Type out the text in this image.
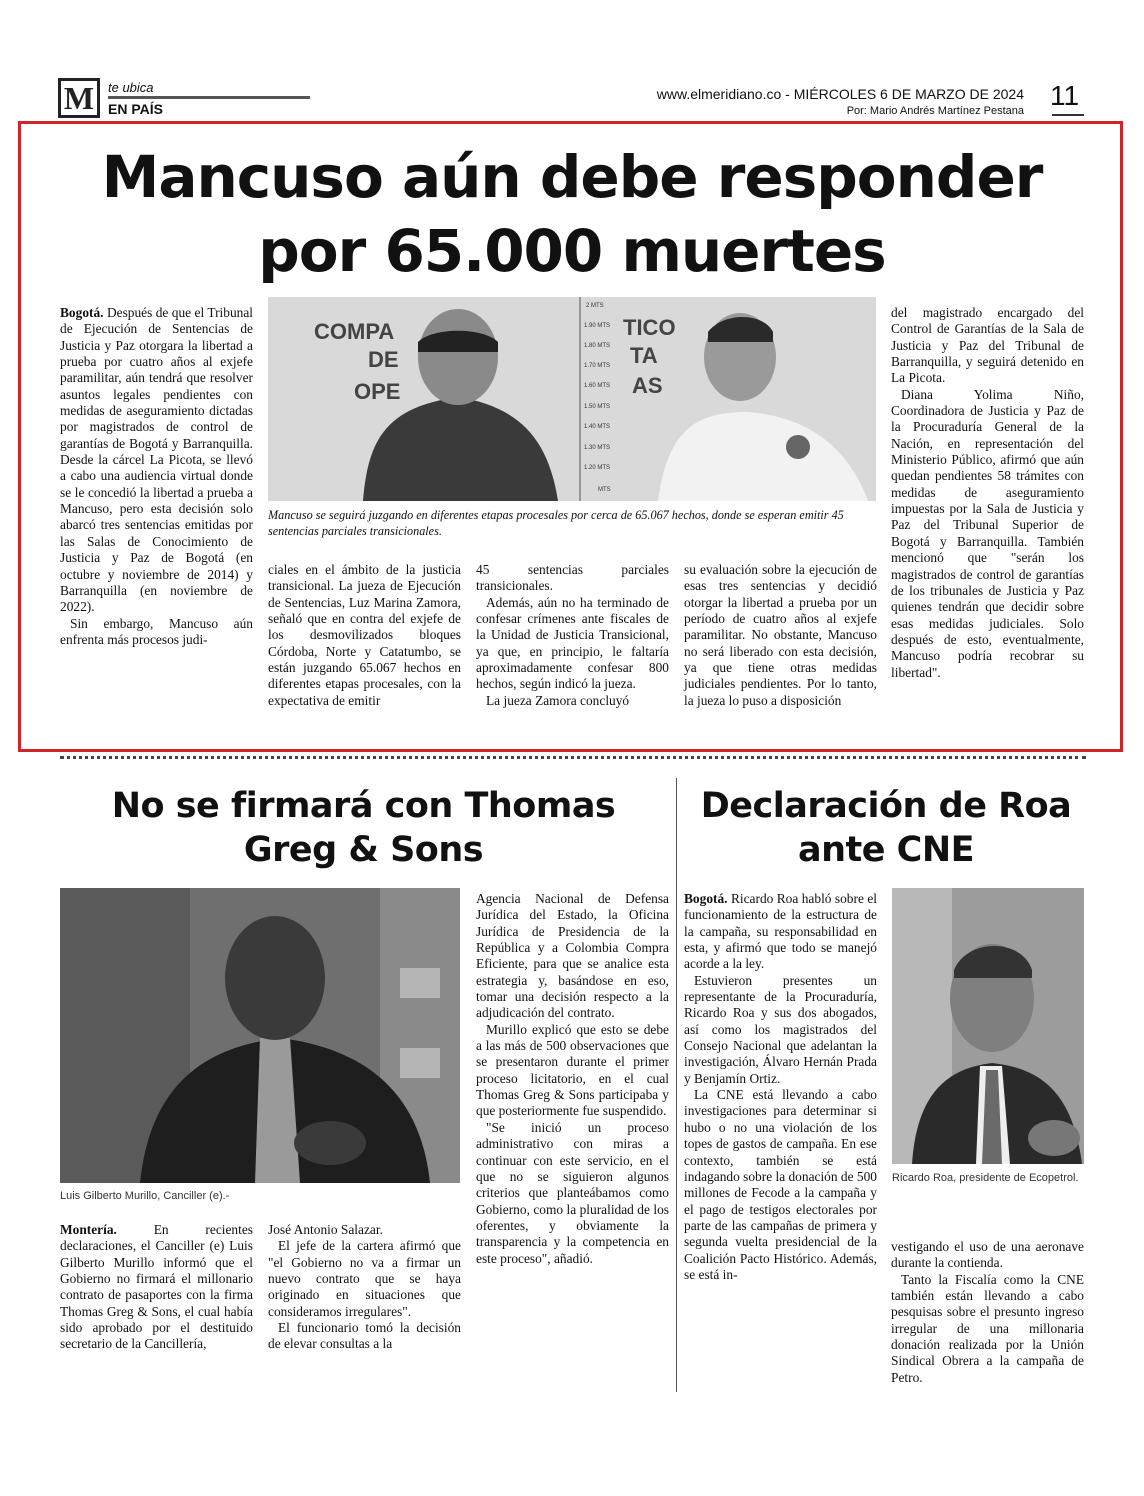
M	te ubica
EN PAÍS
www.elmeridiano.co - MIÉRCOLES 6 DE MARZO DE 2024
Por: Mario Andrés Martínez Pestana 11
Mancuso aún debe responder por 65.000 muertes

Bogotá. Después de que el Tribunal de Ejecución de Sentencias de Justicia y Paz otorgara la libertad a prueba por cuatro años al exjefe paramilitar, aún tendrá que resolver asuntos legales pendientes con medidas de aseguramiento dictadas por magistrados de control de garantías de Bogotá y Barranquilla. Desde la cárcel La Picota, se llevó a cabo una audiencia virtual donde se le concedió la libertad a prueba a Mancuso, pero esta decisión solo abarcó tres sentencias emitidas por las Salas de Conocimiento de Justicia y Paz de Bogotá (en octubre y noviembre de 2014) y Barranquilla (en noviembre de 2022).

Sin embargo, Mancuso aún enfrenta más procesos judi-

COMPA
DE
OPE
TICO
TA
AS
2 MTS
1.90 MTS
1.80 MTS
1.70 MTS
1.60 MTS
1.50 MTS
1.40 MTS
1.30 MTS
1.20 MTS
MTS
Mancuso se seguirá juzgando en diferentes etapas procesales por cerca de 65.067 hechos, donde se esperan emitir 45 sentencias parciales transicionales.

ciales en el ámbito de la justicia transicional. La jueza de Ejecución de Sentencias, Luz Marina Zamora, señaló que en contra del exjefe de los desmovilizados bloques Córdoba, Norte y Catatumbo, se están juzgando 65.067 hechos en diferentes etapas procesales, con la expectativa de emitir

45 sentencias parciales transicionales.

Además, aún no ha terminado de confesar crímenes ante fiscales de la Unidad de Justicia Transicional, ya que, en principio, le faltaría aproximadamente confesar 800 hechos, según indicó la jueza.

La jueza Zamora concluyó

su evaluación sobre la ejecución de esas tres sentencias y decidió otorgar la libertad a prueba por un período de cuatro años al exjefe paramilitar. No obstante, Mancuso no será liberado con esta decisión, ya que tiene otras medidas judiciales pendientes. Por lo tanto, la jueza lo puso a disposición

del magistrado encargado del Control de Garantías de la Sala de Justicia y Paz del Tribunal de Barranquilla, y seguirá detenido en La Picota.

Diana Yolima Niño, Coordinadora de Justicia y Paz de la Procuraduría General de la Nación, en representación del Ministerio Público, afirmó que aún quedan pendientes 58 trámites con medidas de aseguramiento impuestas por la Sala de Justicia y Paz del Tribunal Superior de Bogotá y Barranquilla. También mencionó que "serán los magistrados de control de garantías de los tribunales de Justicia y Paz quienes tendrán que decidir sobre esas medidas judiciales. Solo después de esto, eventualmente, Mancuso podría recobrar su libertad".

No se firmará con Thomas Greg & Sons
Luis Gilberto Murillo, Canciller (e).-

Montería.	En recientes declaraciones, el Canciller (e) Luis Gilberto Murillo informó que el Gobierno no firmará el millonario contrato de pasaportes con la firma Thomas Greg & Sons, el cual había sido aprobado por el destituido secretario de la Cancillería,

José Antonio Salazar.

El jefe de la cartera afirmó que "el Gobierno no va a firmar un nuevo contrato que se haya originado en situaciones que consideramos irregulares".

El funcionario tomó la decisión de elevar consultas a la

Agencia Nacional de Defensa Jurídica del Estado, la Oficina Jurídica de Presidencia de la República y a Colombia Compra Eficiente, para que se analice esta estrategia y, basándose en eso, tomar una decisión respecto a la adjudicación del contrato.

Murillo explicó que esto se debe a las más de 500 observaciones que se presentaron durante el primer proceso licitatorio, en el cual Thomas Greg & Sons participaba y que posteriormente fue suspendido.

"Se inició un proceso administrativo con miras a continuar con este servicio, en el que no se siguieron algunos criterios que planteábamos como Gobierno, como la pluralidad de los oferentes, y obviamente la transparencia y la competencia en este proceso", añadió.

Declaración de Roa ante CNE

Bogotá. Ricardo Roa habló sobre el funcionamiento de la estructura de la campaña, su responsabilidad en esta, y afirmó que todo se manejó acorde a la ley.

Estuvieron presentes un representante de la Procuraduría, Ricardo Roa y sus dos abogados, así como los magistrados del Consejo Nacional que adelantan la investigación, Álvaro Hernán Prada y Benjamín Ortiz.

La CNE está llevando a cabo investigaciones para determinar si hubo o no una violación de los topes de gastos de campaña. En ese contexto, también se está indagando sobre la donación de 500 millones de Fecode a la campaña y el pago de testigos electorales por parte de las campañas de primera y segunda vuelta presidencial de la Coalición Pacto Histórico. Además, se está in-

Ricardo Roa, presidente de Ecopetrol.

vestigando el uso de una aeronave durante la contienda.

Tanto la Fiscalía como la CNE también están llevando a cabo pesquisas sobre el presunto ingreso irregular de una millonaria donación realizada por la Unión Sindical Obrera a la campaña de Petro.
